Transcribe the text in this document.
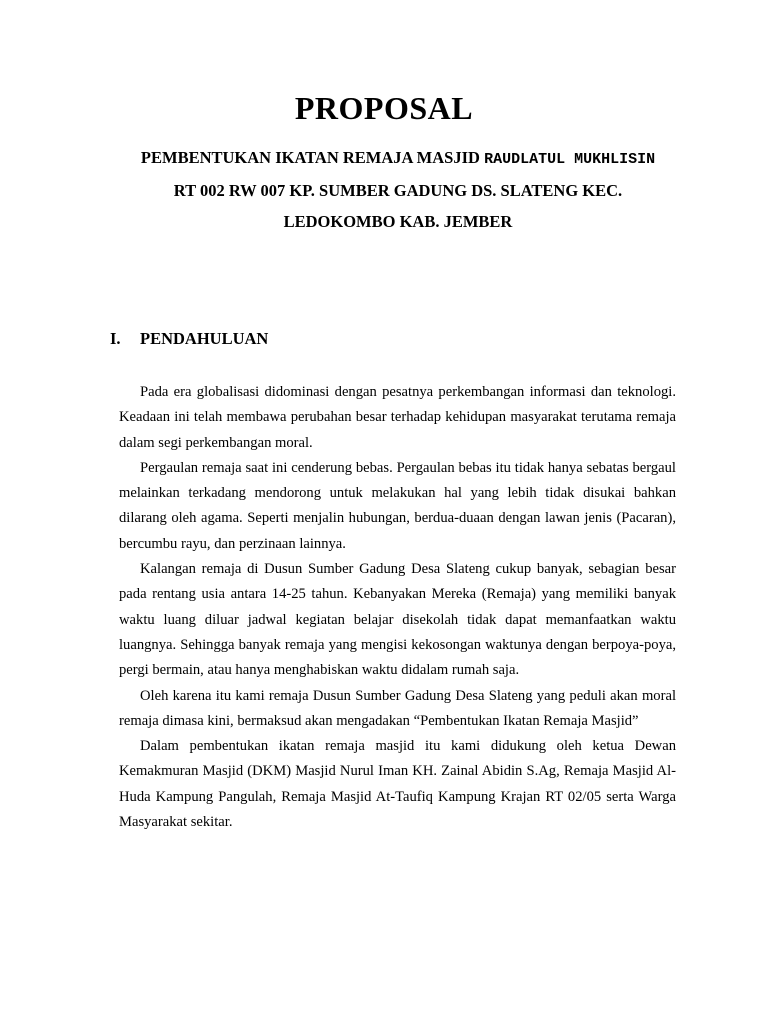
PROPOSAL
PEMBENTUKAN IKATAN REMAJA MASJID RAUDLATUL MUKHLISIN
RT 002 RW 007 KP. SUMBER GADUNG DS. SLATENG KEC.
LEDOKOMBO KAB. JEMBER
I. PENDAHULUAN

Pada era globalisasi didominasi dengan pesatnya perkembangan informasi dan teknologi. Keadaan ini telah membawa perubahan besar terhadap kehidupan masyarakat terutama remaja dalam segi perkembangan moral.

Pergaulan remaja saat ini cenderung bebas. Pergaulan bebas itu tidak hanya sebatas bergaul melainkan terkadang mendorong untuk melakukan hal yang lebih tidak disukai bahkan dilarang oleh agama. Seperti menjalin hubungan, berdua-duaan dengan lawan jenis (Pacaran), bercumbu rayu, dan perzinaan lainnya.

Kalangan remaja di Dusun Sumber Gadung Desa Slateng cukup banyak, sebagian besar pada rentang usia antara 14-25 tahun. Kebanyakan Mereka (Remaja) yang memiliki banyak waktu luang diluar jadwal kegiatan belajar disekolah tidak dapat memanfaatkan waktu luangnya. Sehingga banyak remaja yang mengisi kekosongan waktunya dengan berpoya-poya, pergi bermain, atau hanya menghabiskan waktu didalam rumah saja.

Oleh karena itu kami remaja Dusun Sumber Gadung Desa Slateng yang peduli akan moral remaja dimasa kini, bermaksud akan mengadakan “Pembentukan Ikatan Remaja Masjid”

Dalam pembentukan ikatan remaja masjid itu kami didukung oleh ketua Dewan Kemakmuran Masjid (DKM) Masjid Nurul Iman KH. Zainal Abidin S.Ag, Remaja Masjid Al-Huda Kampung Pangulah, Remaja Masjid At-Taufiq Kampung Krajan RT 02/05 serta Warga Masyarakat sekitar.
